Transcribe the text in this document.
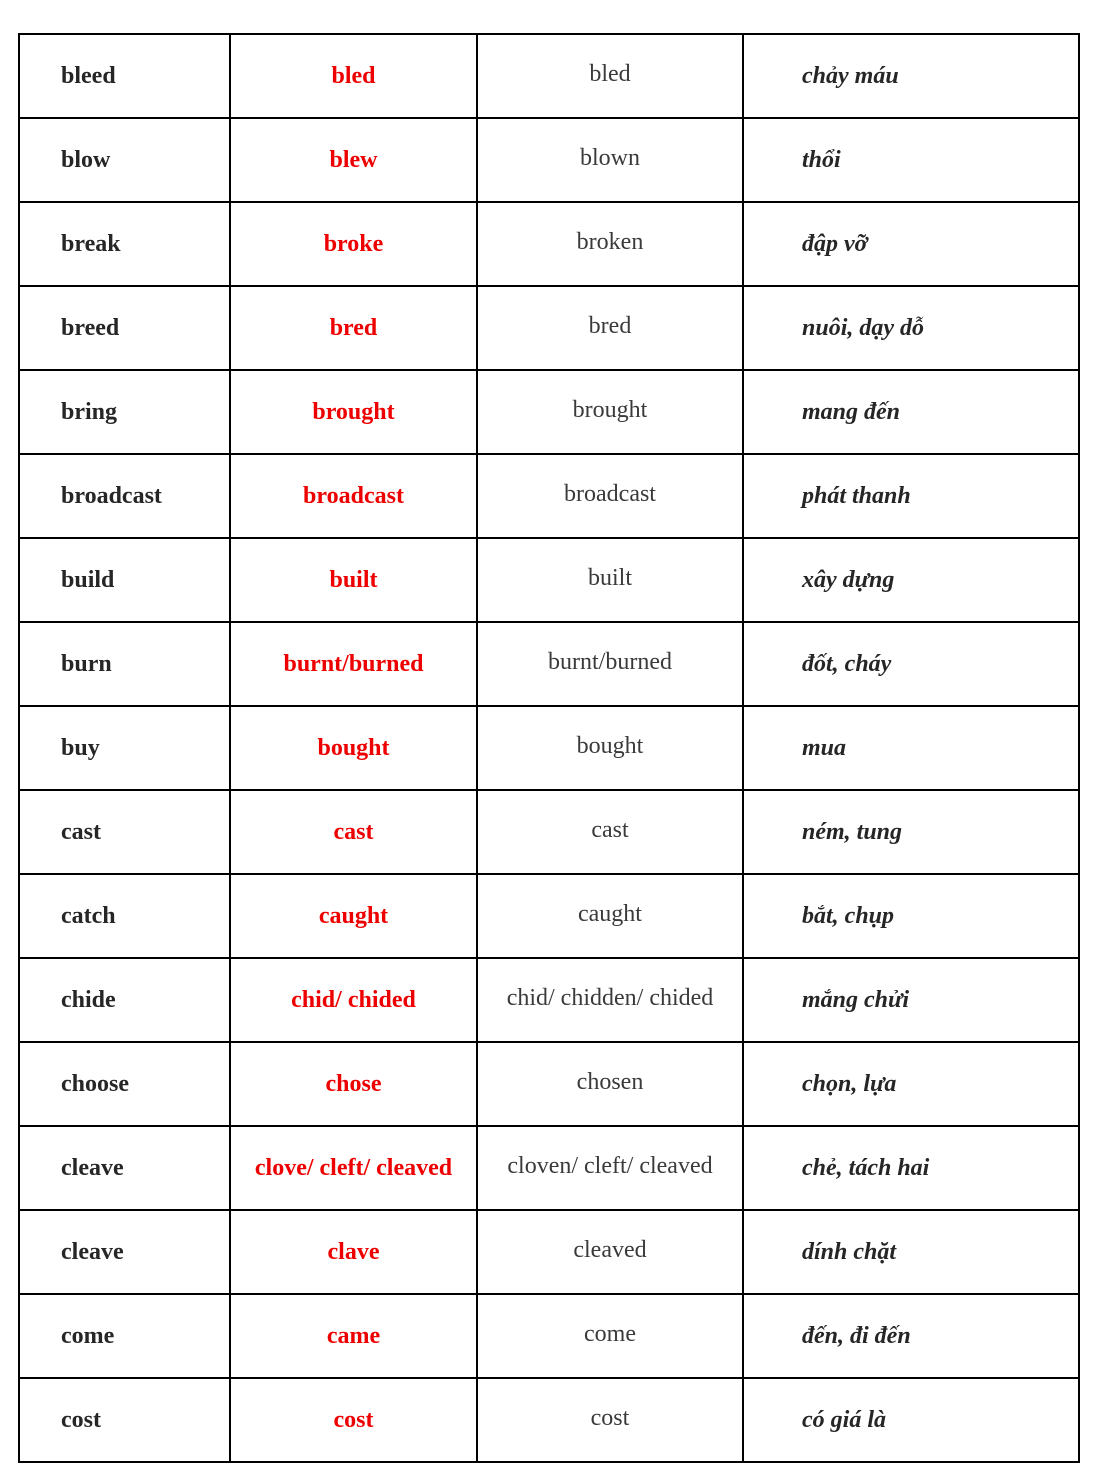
bleed	bled	bled	chảy máu
blow	blew	blown	thổi
break	broke	broken	đập vỡ
breed	bred	bred	nuôi, dạy dỗ
bring	brought	brought	mang đến
broadcast	broadcast	broadcast	phát thanh
build	built	built	xây dựng
burn	burnt/burned	burnt/burned	đốt, cháy
buy	bought	bought	mua
cast	cast	cast	ném, tung
catch	caught	caught	bắt, chụp
chide	chid/ chided	chid/ chidden/ chided	mắng chửi
choose	chose	chosen	chọn, lựa
cleave	clove/ cleft/ cleaved	cloven/ cleft/ cleaved	chẻ, tách hai
cleave	clave	cleaved	dính chặt
come	came	come	đến, đi đến
cost	cost	cost	có giá là
